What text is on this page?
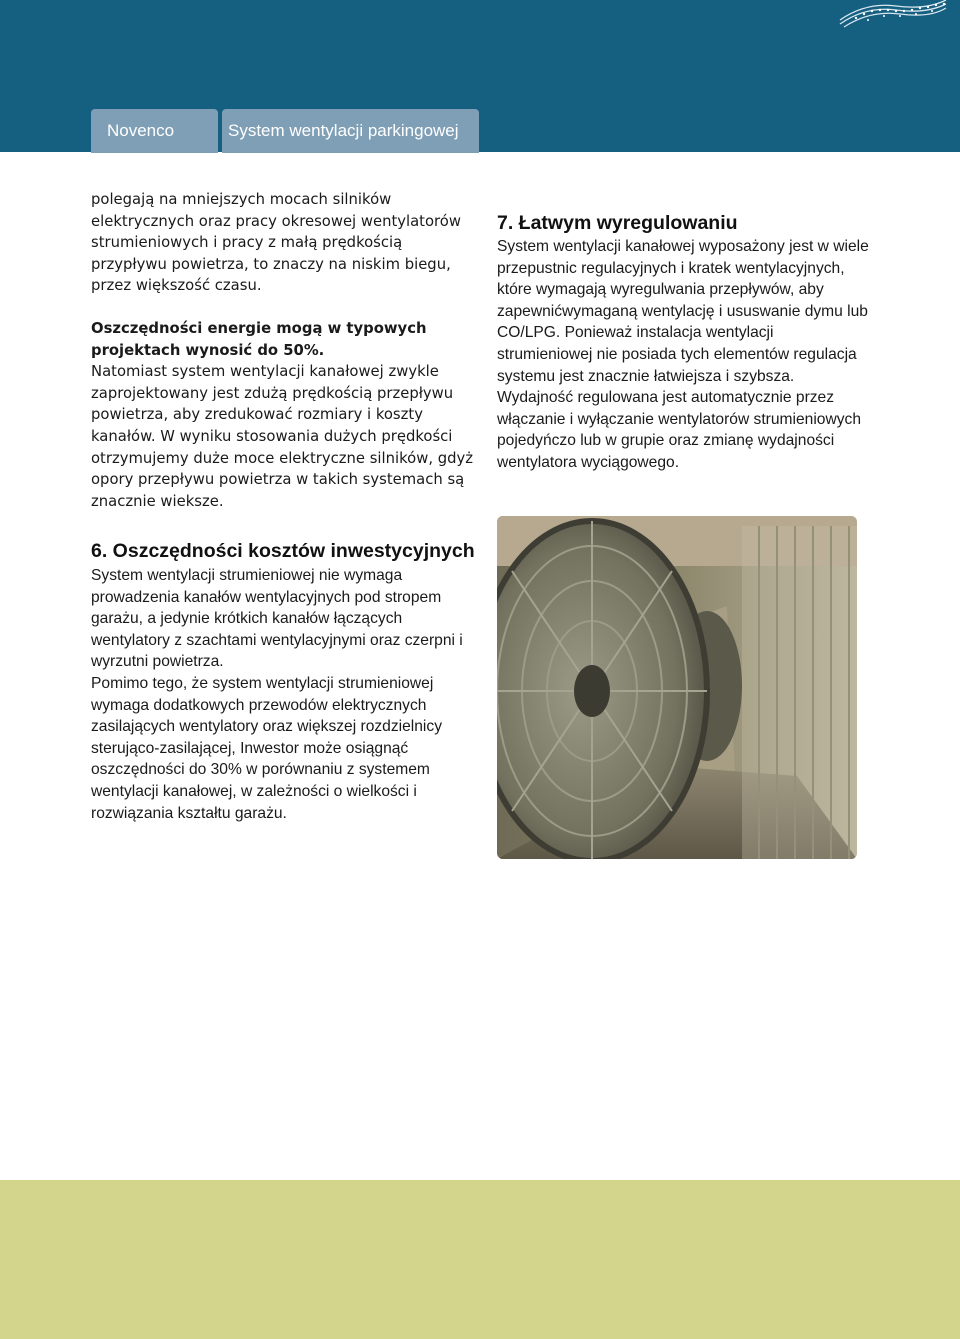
Novenco	System wentylacji parkingowej

polegają na mniejszych mocach silników elektrycznych oraz pracy okresowej wentylatorów strumieniowych i pracy z małą prędkością przypływu powietrza, to znaczy na niskim biegu, przez większość czasu.

Oszczędności energie mogą w typowych projektach wynosić do 50%.

Natomiast system wentylacji kanałowej zwykle zaprojektowany jest zdużą prędkością przepływu powietrza, aby zredukować rozmiary i koszty kanałów. W wyniku stosowania dużych prędkości otrzymujemy duże moce elektryczne silników, gdyż opory przepływu powietrza w takich systemach są znacznie wieksze.

6. Oszczędności kosztów inwestycyjnych

System wentylacji strumieniowej nie wymaga prowadzenia kanałów wentylacyjnych pod stropem garażu, a jedynie krótkich kanałów łączących wentylatory z szachtami wentylacyjnymi oraz czerpni i wyrzutni powietrza.

Pomimo tego, że system wentylacji strumieniowej wymaga dodatkowych przewodów elektrycznych zasilających wentylatory oraz większej rozdzielnicy sterująco-zasilającej, Inwestor może osiągnąć oszczędności do 30% w porównaniu z systemem wentylacji kanałowej, w zależności o wielkości i rozwiązania kształtu garażu.

7. Łatwym wyregulowaniu

System wentylacji kanałowej wyposażony jest w wiele przepustnic regulacyjnych i kratek wentylacyjnych, które wymagają wyregulwania przepływów, aby zapewnićwymaganą wentylację i ususwanie dymu lub CO/LPG. Ponieważ instalacja wentylacji strumieniowej nie posiada tych elementów regulacja systemu jest znacznie łatwiejsza i szybsza. Wydajność regulowana jest automatycznie przez włączanie i wyłączanie wentylatorów strumieniowych pojedyńczo lub w grupie oraz zmianę wydajności wentylatora wyciągowego.
